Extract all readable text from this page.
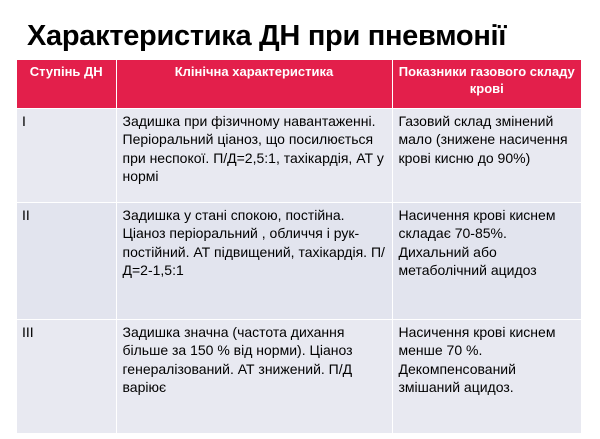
Характеристика ДН при пневмонії
Ступінь ДН	Клінічна характеристика	Показники газового складу крові
I	Задишка при фізичному навантаженні. Періоральний ціаноз, що посилюється при неспокої. П/Д=2,5:1, тахікардія, АТ у нормі	Газовий склад змінений мало (знижене насичення крові кисню до 90%)
II	Задишка у стані спокою, постійна. Ціаноз періоральний , обличчя і рук-постійний. АТ підвищений, тахікардія. П/Д=2-1,5:1	Насичення крові киснем складає 70-85%. Дихальний або метаболічний ацидоз
III	Задишка значна (частота дихання більше за 150 % від норми). Ціаноз генералізований. АТ знижений. П/Д варіює	Насичення крові киснем менше 70 %. Декомпенсований змішаний ацидоз.
